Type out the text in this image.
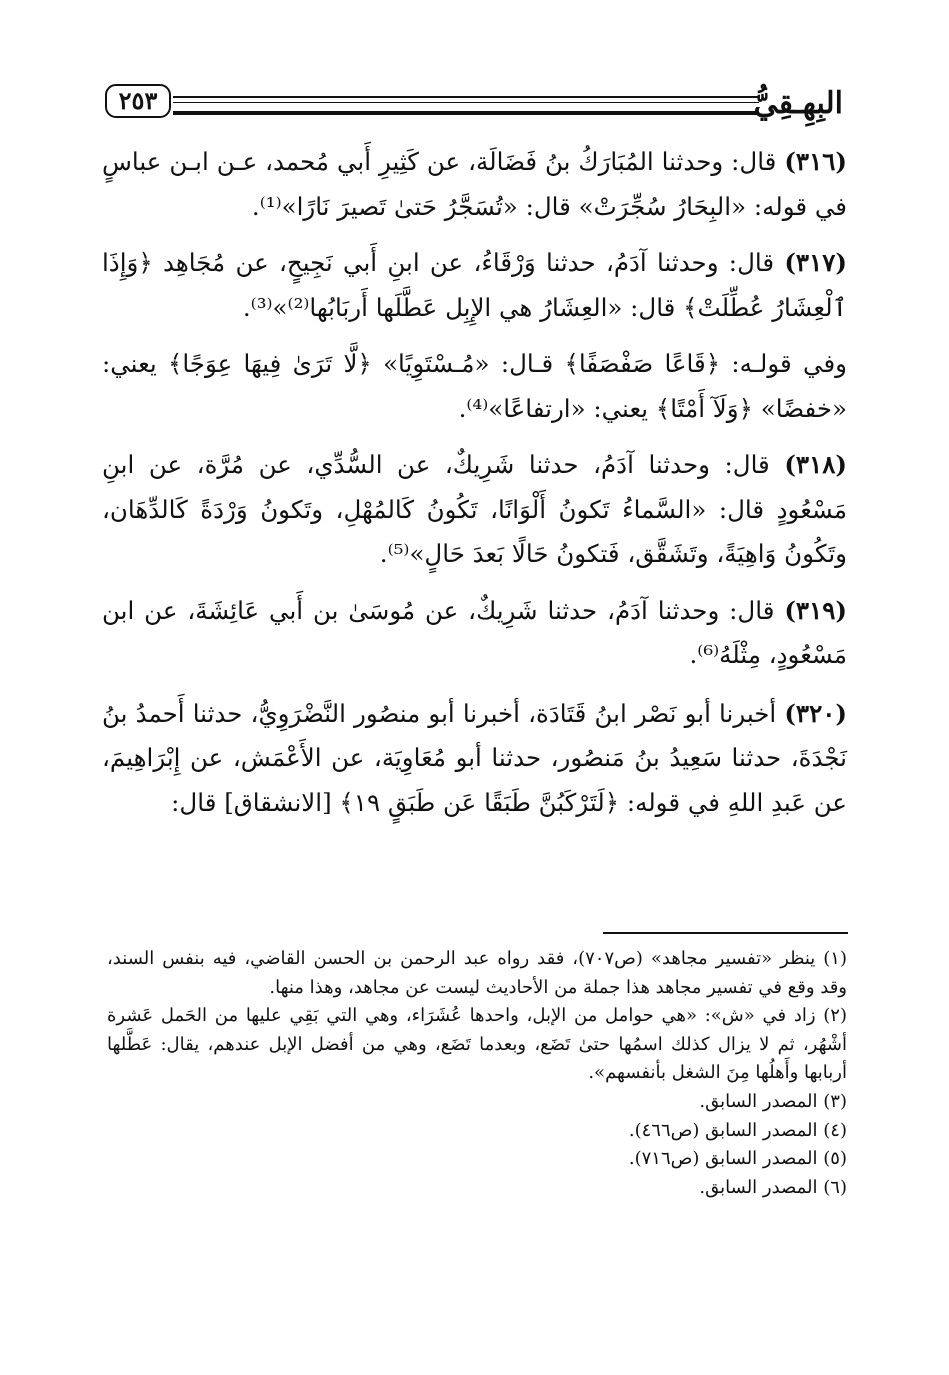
البِهِـقِيُّ
٢٥٣

(٣١٦) قال: وحدثنا المُبَارَكُ بنُ فَضَالَة، عن كَثِيرِ أَبي مُحمد، عـن ابـن عباسٍ في قوله: «البِحَارُ سُجِّرَتْ» قال: «تُسَجَّرُ حَتىٰ تَصيرَ نَارًا»⁽¹⁾.

(٣١٧) قال: وحدثنا آدَمُ، حدثنا وَرْقَاءُ، عن ابنِ أَبي نَجِيحٍ، عن مُجَاهِد ﴿وَإِذَا ٱلْعِشَارُ عُطِّلَتْ﴾ قال: «العِشَارُ هي الإِبِل عَطَّلَها أَربَابُها⁽²⁾»⁽³⁾.

وفي قولـه: ﴿قَاعًا صَفْصَفًا﴾ قـال: «مُـسْتَوِيًا» ﴿لَّا تَرَىٰ فِيهَا عِوَجًا﴾ يعني: «خفضًا» ﴿وَلَآ أَمْتًا﴾ يعني: «ارتفاعًا»⁽⁴⁾.

(٣١٨) قال: وحدثنا آدَمُ، حدثنا شَرِيكٌ، عن السُّدِّي، عن مُرَّة، عن ابنِ مَسْعُودٍ قال: «السَّماءُ تَكونُ أَلْوَانًا، تَكُونُ كَالمُهْلِ، وتَكونُ وَرْدَةً كَالدِّهَان، وتَكُونُ وَاهِيَةً، وتَشَقَّق، فَتكونُ حَالًا بَعدَ حَالٍ»⁽⁵⁾.

(٣١٩) قال: وحدثنا آدَمُ، حدثنا شَرِيكٌ، عن مُوسَىٰ بن أَبي عَائِشَةَ، عن ابن مَسْعُودٍ، مِثْلَهُ⁽⁶⁾.

(٣٢٠) أخبرنا أبو نَصْر ابنُ قَتَادَة، أخبرنا أبو منصُور النَّضْرَوِيُّ، حدثنا أَحمدُ بنُ نَجْدَةَ، حدثنا سَعِيدُ بنُ مَنصُور، حدثنا أبو مُعَاوِيَة، عن الأَعْمَش، عن إِبْرَاهِيمَ، عن عَبدِ اللهِ في قوله: ﴿لَتَرْكَبُنَّ طَبَقًا عَن طَبَقٍ ١٩﴾ [الانشقاق] قال:

(١) ينظر «تفسير مجاهد» (ص٧٠٧)، فقد رواه عبد الرحمن بن الحسن القاضي، فيه بنفس السند، وقد وقع في تفسير مجاهد هذا جملة من الأحاديث ليست عن مجاهد، وهذا منها.

(٢) زاد في «ش»: «هي حوامل من الإبل، واحدها عُشَرَاء، وهي التي بَقِي عليها من الحَمل عَشرة أشْهُر، ثم لا يزال كذلك اسمُها حتىٰ تَضَع، وبعدما تَضَع، وهي من أفضل الإبل عندهم، يقال: عَطَّلها أربابها وأَهلُها مِنَ الشغل بأنفسهم».

(٣) المصدر السابق.

(٤) المصدر السابق (ص٤٦٦).

(٥) المصدر السابق (ص٧١٦).

(٦) المصدر السابق.
